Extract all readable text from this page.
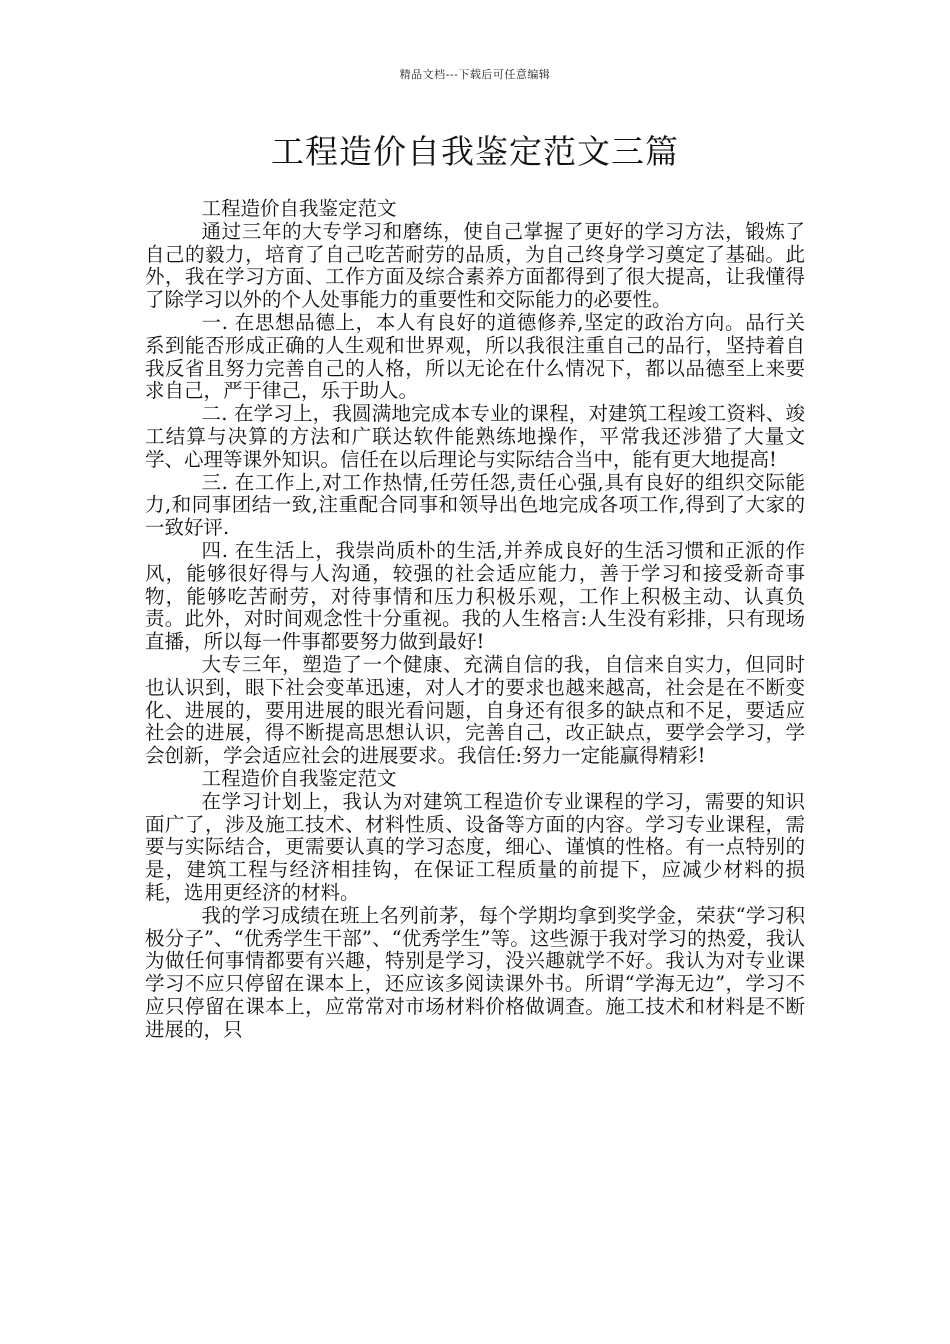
精品文档---下载后可任意编辑
工程造价自我鉴定范文三篇

工程造价自我鉴定范文

通过三年的大专学习和磨练，使自己掌握了更好的学习方法，锻炼了自己的毅力，培育了自己吃苦耐劳的品质，为自己终身学习奠定了基础。此外，我在学习方面、工作方面及综合素养方面都得到了很大提高，让我懂得了除学习以外的个人处事能力的重要性和交际能力的必要性。

一. 在思想品德上，本人有良好的道德修养,坚定的政治方向。品行关系到能否形成正确的人生观和世界观，所以我很注重自己的品行，坚持着自我反省且努力完善自己的人格，所以无论在什么情况下，都以品德至上来要求自己，严于律己，乐于助人。

二. 在学习上，我圆满地完成本专业的课程，对建筑工程竣工资料、竣工结算与决算的方法和广联达软件能熟练地操作，平常我还涉猎了大量文学、心理等课外知识。信任在以后理论与实际结合当中，能有更大地提高!

三. 在工作上,对工作热情,任劳任怨,责任心强,具有良好的组织交际能力,和同事团结一致,注重配合同事和领导出色地完成各项工作,得到了大家的一致好评.

四. 在生活上，我崇尚质朴的生活,并养成良好的生活习惯和正派的作风，能够很好得与人沟通，较强的社会适应能力，善于学习和接受新奇事物，能够吃苦耐劳，对待事情和压力积极乐观，工作上积极主动、认真负责。此外，对时间观念性十分重视。我的人生格言:人生没有彩排，只有现场直播，所以每一件事都要努力做到最好!

大专三年，塑造了一个健康、充满自信的我，自信来自实力，但同时也认识到，眼下社会变革迅速，对人才的要求也越来越高，社会是在不断变化、进展的，要用进展的眼光看问题，自身还有很多的缺点和不足，要适应社会的进展，得不断提高思想认识，完善自己，改正缺点，要学会学习，学会创新，学会适应社会的进展要求。我信任:努力一定能赢得精彩!

工程造价自我鉴定范文

在学习计划上，我认为对建筑工程造价专业课程的学习，需要的知识面广了，涉及施工技术、材料性质、设备等方面的内容。学习专业课程，需要与实际结合，更需要认真的学习态度，细心、谨慎的性格。有一点特别的是，建筑工程与经济相挂钩，在保证工程质量的前提下，应减少材料的损耗，选用更经济的材料。

我的学习成绩在班上名列前茅，每个学期均拿到奖学金，荣获“学习积极分子”、“优秀学生干部”、“优秀学生”等。这些源于我对学习的热爱，我认为做任何事情都要有兴趣，特别是学习，没兴趣就学不好。我认为对专业课学习不应只停留在课本上，还应该多阅读课外书。所谓“学海无边”，学习不应只停留在课本上，应常常对市场材料价格做调查。施工技术和材料是不断进展的，只
